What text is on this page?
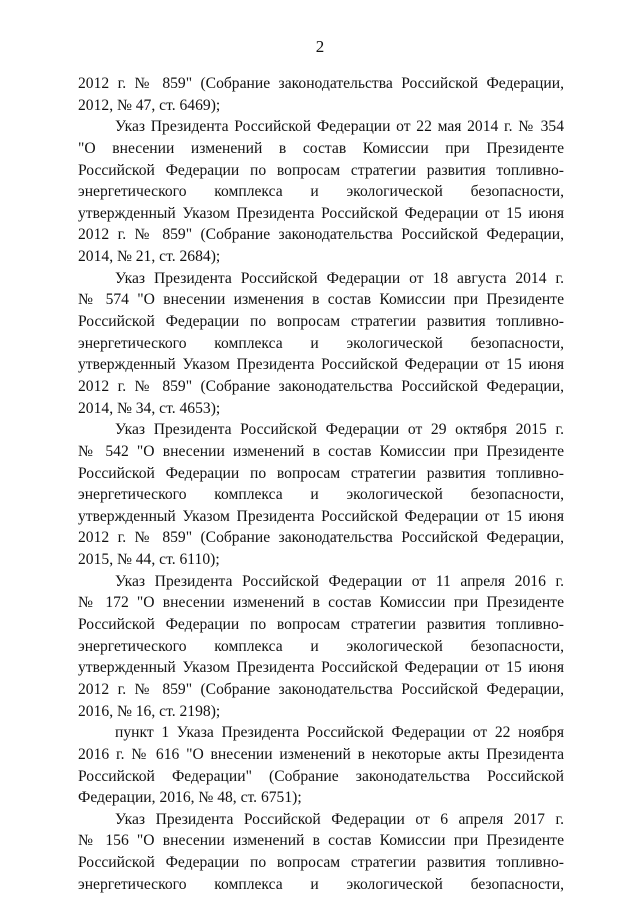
2
2012 г. № 859" (Собрание законодательства Российской Федерации,
2012, № 47, ст. 6469);
Указ Президента Российской Федерации от 22 мая 2014 г. № 354
"О внесении изменений в состав Комиссии при Президенте
Российской Федерации по вопросам стратегии развития топливно-
энергетического комплекса и экологической безопасности,
утвержденный Указом Президента Российской Федерации от 15 июня
2012 г. № 859" (Собрание законодательства Российской Федерации,
2014, № 21, ст. 2684);
Указ Президента Российской Федерации от 18 августа 2014 г.
№ 574 "О внесении изменения в состав Комиссии при Президенте
Российской Федерации по вопросам стратегии развития топливно-
энергетического комплекса и экологической безопасности,
утвержденный Указом Президента Российской Федерации от 15 июня
2012 г. № 859" (Собрание законодательства Российской Федерации,
2014, № 34, ст. 4653);
Указ Президента Российской Федерации от 29 октября 2015 г.
№ 542 "О внесении изменений в состав Комиссии при Президенте
Российской Федерации по вопросам стратегии развития топливно-
энергетического комплекса и экологической безопасности,
утвержденный Указом Президента Российской Федерации от 15 июня
2012 г. № 859" (Собрание законодательства Российской Федерации,
2015, № 44, ст. 6110);
Указ Президента Российской Федерации от 11 апреля 2016 г.
№ 172 "О внесении изменений в состав Комиссии при Президенте
Российской Федерации по вопросам стратегии развития топливно-
энергетического комплекса и экологической безопасности,
утвержденный Указом Президента Российской Федерации от 15 июня
2012 г. № 859" (Собрание законодательства Российской Федерации,
2016, № 16, ст. 2198);
пункт 1 Указа Президента Российской Федерации от 22 ноября
2016 г. № 616 "О внесении изменений в некоторые акты Президента
Российской Федерации" (Собрание законодательства Российской
Федерации, 2016, № 48, ст. 6751);
Указ Президента Российской Федерации от 6 апреля 2017 г.
№ 156 "О внесении изменений в состав Комиссии при Президенте
Российской Федерации по вопросам стратегии развития топливно-
энергетического комплекса и экологической безопасности,
